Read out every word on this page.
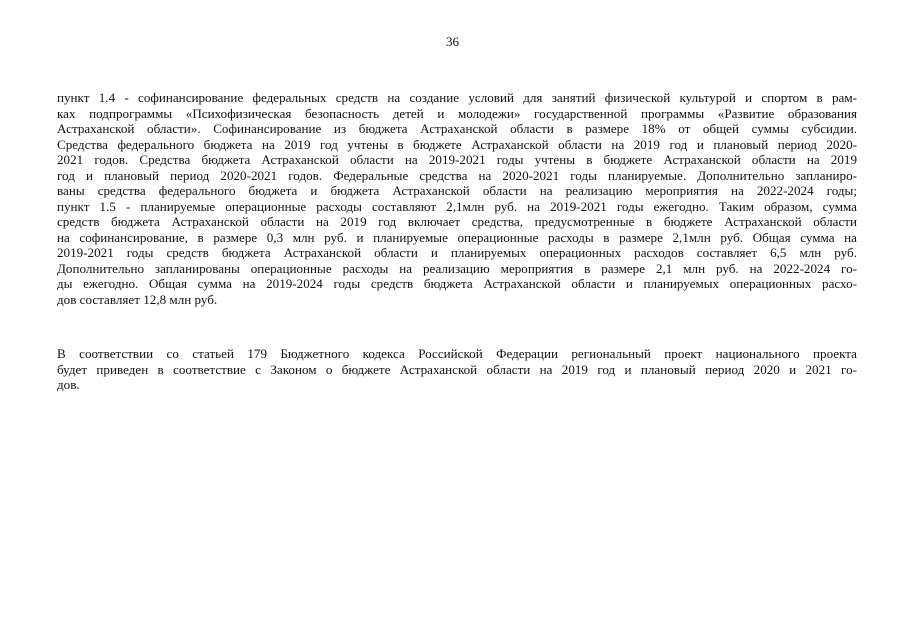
36
пункт 1.4 - софинансирование федеральных средств на создание условий для занятий физической культурой и спортом в рам-
ках подпрограммы «Психофизическая безопасность детей и молодежи» государственной программы «Развитие образования
Астраханской области». Софинансирование из бюджета Астраханской области в размере 18% от общей суммы субсидии.
Средства федерального бюджета на 2019 год учтены в бюджете Астраханской области на 2019 год и плановый период 2020-
2021 годов. Средства бюджета Астраханской области на 2019-2021 годы учтены в бюджете Астраханской области на 2019
год и плановый период 2020-2021 годов. Федеральные средства на 2020-2021 годы планируемые. Дополнительно запланиро-
ваны средства федерального бюджета и бюджета Астраханской области на реализацию мероприятия на 2022-2024 годы;
пункт 1.5 - планируемые операционные расходы составляют 2,1млн руб. на 2019-2021 годы ежегодно. Таким образом, сумма
средств бюджета Астраханской области на 2019 год включает средства, предусмотренные в бюджете Астраханской области
на софинансирование, в размере 0,3 млн руб. и планируемые операционные расходы в размере 2,1млн руб. Общая сумма на
2019-2021 годы средств бюджета Астраханской области и планируемых операционных расходов составляет 6,5 млн руб.
Дополнительно запланированы операционные расходы на реализацию мероприятия в размере 2,1 млн руб. на 2022-2024 го-
ды ежегодно. Общая сумма на 2019-2024 годы средств бюджета Астраханской области и планируемых операционных расхо-
дов составляет 12,8 млн руб.
В соответствии со статьей 179 Бюджетного кодекса Российской Федерации региональный проект национального проекта
будет приведен в соответствие с Законом о бюджете Астраханской области на 2019 год и плановый период 2020 и 2021 го-
дов.
